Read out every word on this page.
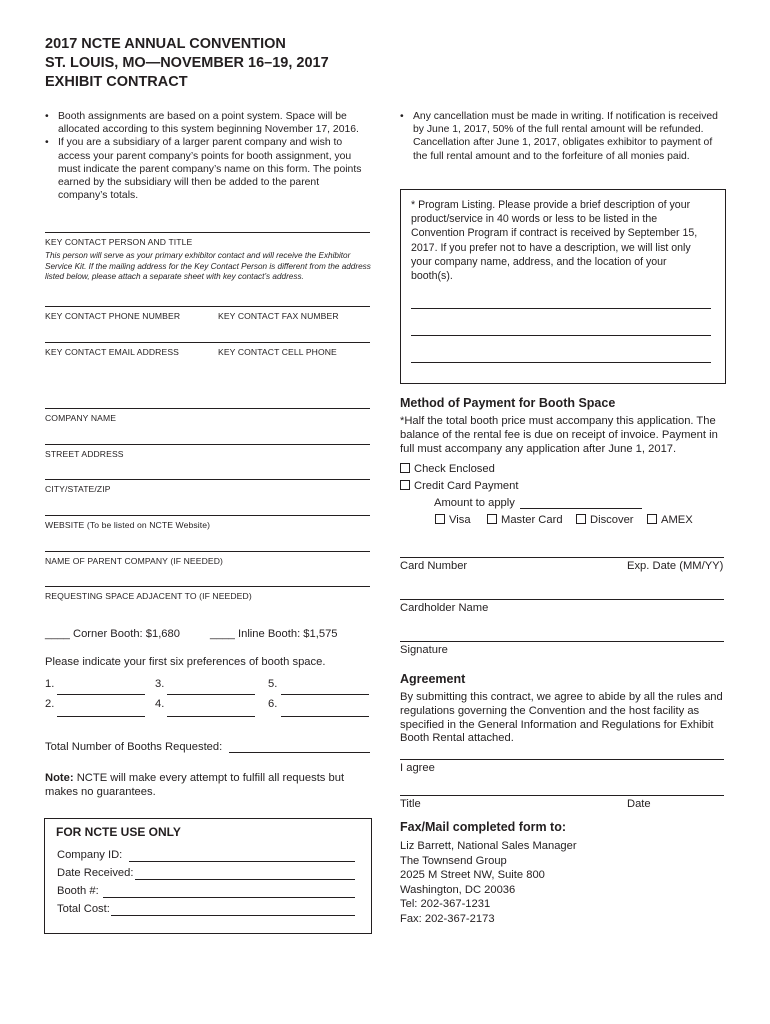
2017 NCTE ANNUAL CONVENTION
ST. LOUIS, MO—NOVEMBER 16–19, 2017
EXHIBIT CONTRACT
• Booth assignments are based on a point system. Space will be allocated according to this system beginning November 17, 2016.
• If you are a subsidiary of a larger parent company and wish to access your parent company’s points for booth assignment, you must indicate the parent company’s name on this form. The points earned by the subsidiary will then be added to the parent company’s totals.
• Any cancellation must be made in writing. If notification is received by June 1, 2017, 50% of the full rental amount will be refunded. Cancellation after June 1, 2017, obligates exhibitor to payment of the full rental amount and to the forfeiture of all monies paid.
KEY CONTACT PERSON AND TITLE
This person will serve as your primary exhibitor contact and will receive the Exhibitor Service Kit. If the mailing address for the Key Contact Person is different from the address listed below, please attach a separate sheet with key contact’s address.
KEY CONTACT PHONE NUMBER	KEY CONTACT FAX NUMBER
KEY CONTACT EMAIL ADDRESS	KEY CONTACT CELL PHONE
COMPANY NAME
STREET ADDRESS
CITY/STATE/ZIP
WEBSITE (To be listed on NCTE Website)
NAME OF PARENT COMPANY (IF NEEDED)
REQUESTING SPACE ADJACENT TO (IF NEEDED)
____ Corner Booth: $1,680	____ Inline Booth: $1,575
Please indicate your first six preferences of booth space.
1.	3.	5.
2.	4.	6.
Total Number of Booths Requested:
Note: NCTE will make every attempt to fulfill all requests but makes no guarantees.
FOR NCTE USE ONLY
Company ID:
Date Received:
Booth #:
Total Cost:
* Program Listing. Please provide a brief description of your product/service in 40 words or less to be listed in the Convention Program if contract is received by September 15, 2017. If you prefer not to have a description, we will list only your company name, address, and the location of your booth(s).
Method of Payment for Booth Space
*Half the total booth price must accompany this application. The balance of the rental fee is due on receipt of invoice. Payment in full must accompany any application after June 1, 2017.
Check Enclosed
Credit Card Payment
Amount to apply
Visa	Master Card	Discover	AMEX
Card Number	Exp. Date (MM/YY)
Cardholder Name
Signature
Agreement
By submitting this contract, we agree to abide by all the rules and regulations governing the Convention and the host facility as specified in the General Information and Regulations for Exhibit Booth Rental attached.
I agree
Title	Date
Fax/Mail completed form to:
Liz Barrett, National Sales Manager
The Townsend Group
2025 M Street NW, Suite 800
Washington, DC 20036
Tel: 202-367-1231
Fax: 202-367-2173
